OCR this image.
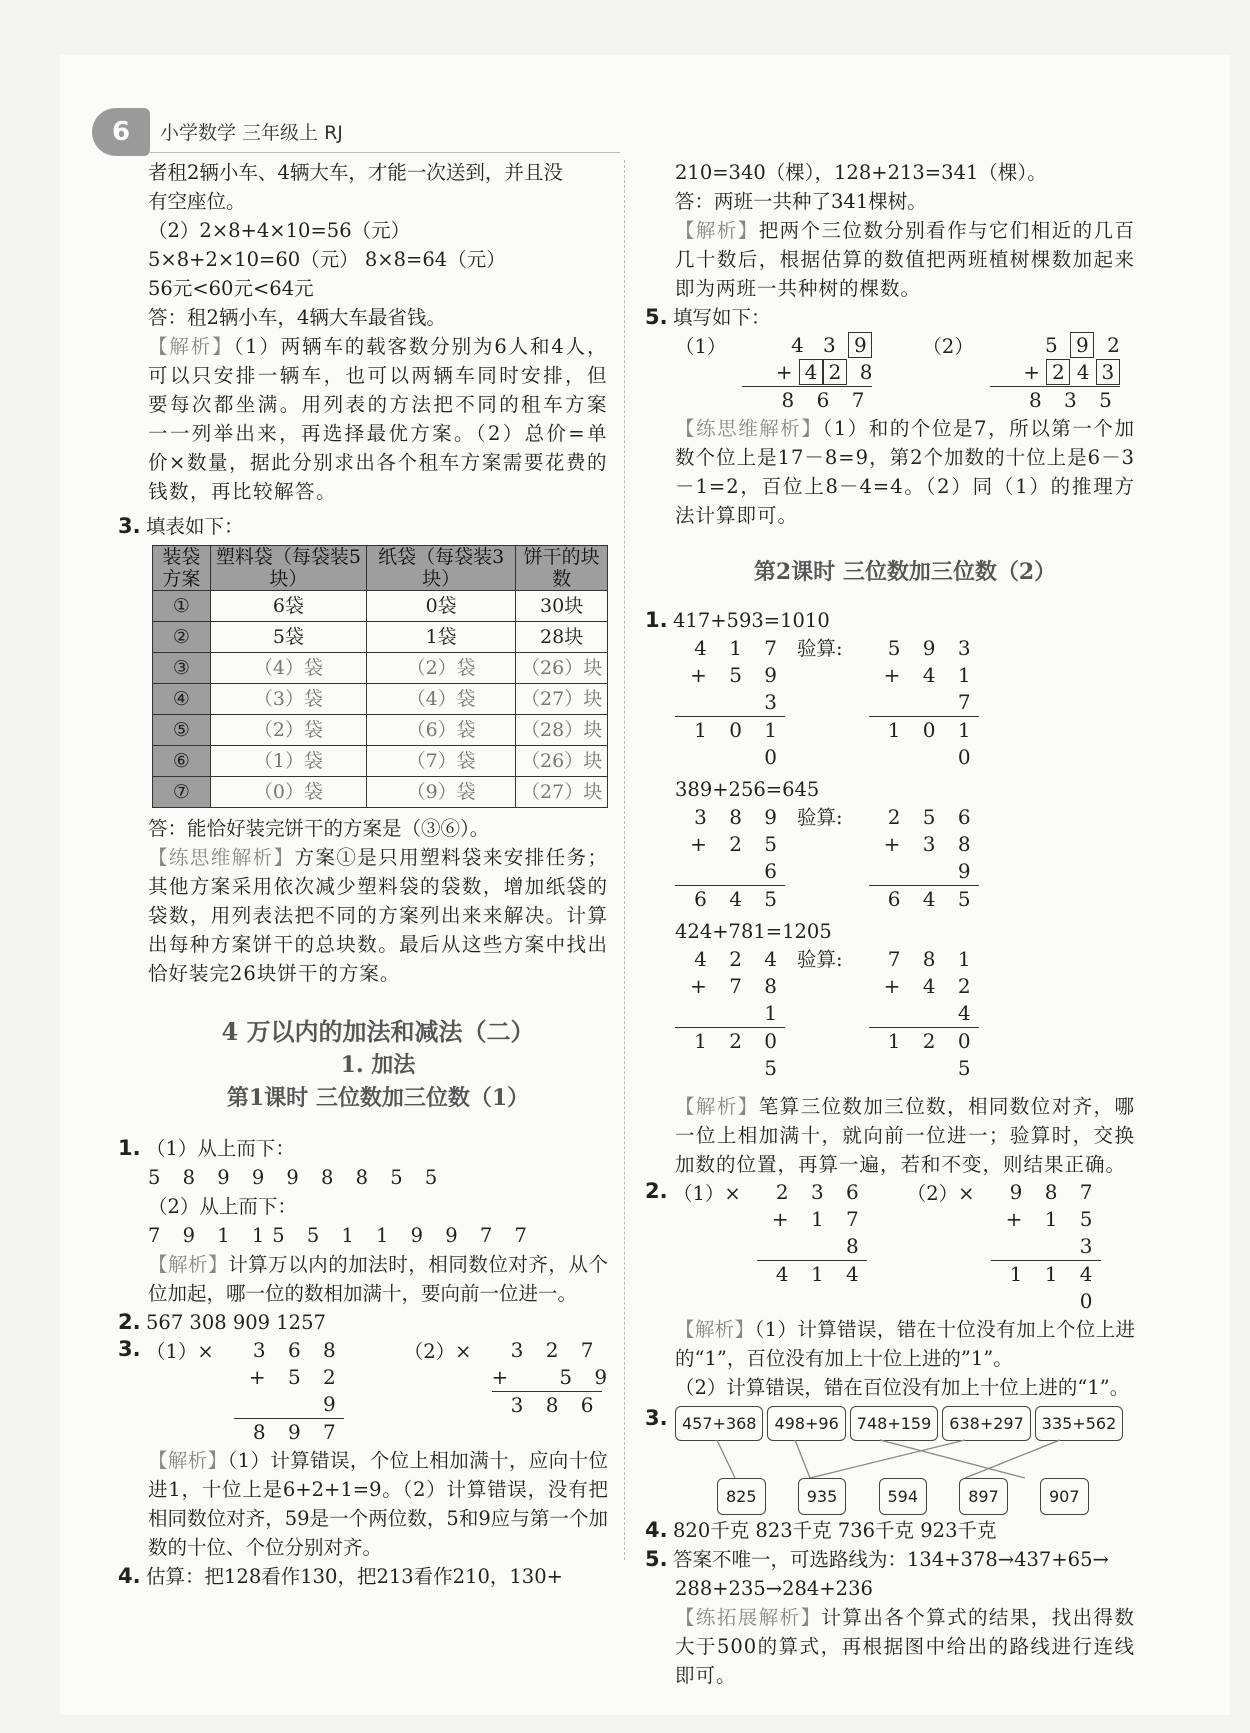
6 小学数学 三年级上 RJ

者租2辆小车、4辆大车，才能一次送到，并且没

有空座位。

（2）2×8+4×10=56（元）

5×8+2×10=60（元） 8×8=64（元）

56元<60元<64元

答：租2辆小车，4辆大车最省钱。

【解析】（1）两辆车的载客数分别为6人和4人，可以只安排一辆车，也可以两辆车同时安排，但要每次都坐满。用列表的方法把不同的租车方案一一列举出来，再选择最优方案。（2）总价=单价×数量，据此分别求出各个租车方案需要花费的钱数，再比较解答。

3. 填表如下：

装袋方案	塑料袋（每袋装5块）	纸袋（每袋装3块）	饼干的块数
①	6袋	0袋	30块
②	5袋	1袋	28块
③	（4）袋	（2）袋	（26）块
④	（3）袋	（4）袋	（27）块
⑤	（2）袋	（6）袋	（28）块
⑥	（1）袋	（7）袋	（26）块
⑦	（0）袋	（9）袋	（27）块

答：能恰好装完饼干的方案是（③⑥）。

【练思维解析】方案①是只用塑料袋来安排任务；其他方案采用依次减少塑料袋的袋数，增加纸袋的袋数，用列表法把不同的方案列出来来解决。计算出每种方案饼干的总块数。最后从这些方案中找出恰好装完26块饼干的方案。

4 万以内的加法和减法（二）

1. 加法

第1课时 三位数加三位数（1）

1. （1）从上而下：

5 8 9 9 9 8 8 5 5

（2）从上而下：

7 9 1 15 5 1 1 9 9 7 7

【解析】计算万以内的加法时，相同数位对齐，从个位加起，哪一位的数相加满十，要向前一位进一。

2. 567 308 909 1257

3. （1）×	3 6 8
+ 5 2 9
8 9 7
（2）×	3 2 7
+   5 9
3 8 6

【解析】（1）计算错误，个位上相加满十，应向十位进1，十位上是6+2+1=9。（2）计算错误，没有把相同数位对齐，59是一个两位数，5和9应与第一个加数的十位、个位分别对齐。

4. 估算：把128看作130，把213看作210，130+

210=340（棵），128+213=341（棵）。

答：两班一共种了341棵树。

【解析】把两个三位数分别看作与它们相近的几百几十数后，根据估算的数值把两班植树棵数加起来即为两班一共种树的棵数。

5. 填写如下：

（1）	4 3 9
+ 4 2 8
8 6 7
（2）	5 9 2
+ 2 4 3
8 3 5

【练思维解析】（1）和的个位是7，所以第一个加数个位上是17－8=9，第2个加数的十位上是6－3－1=2，百位上8－4=4。（2）同（1）的推理方法计算即可。

第2课时 三位数加三位数（2）

1. 417+593=1010

4 1 7
+ 5 9 3
1 0 1 0
验算:	5 9 3
+ 4 1 7
1 0 1 0

389+256=645

3 8 9
+ 2 5 6
6 4 5
验算:	2 5 6
+ 3 8 9
6 4 5

424+781=1205

4 2 4
+ 7 8 1
1 2 0 5
验算:	7 8 1
+ 4 2 4
1 2 0 5

【解析】笔算三位数加三位数，相同数位对齐，哪一位上相加满十，就向前一位进一；验算时，交换加数的位置，再算一遍，若和不变，则结果正确。

2. （1）×	2 3 6
+ 1 7 8
4 1 4
（2）×	9 8 7
+ 1 5 3
1 1 4 0

【解析】（1）计算错误，错在十位没有加上个位上进的“1”，百位没有加上十位上进的”1”。

（2）计算错误，错在百位没有加上十位上进的“1”。

3. 457+368 498+96 748+159 638+297 335+562
825	935	594	897	907

4. 820千克 823千克 736千克 923千克

5. 答案不唯一，可选路线为：134+378→437+65→

288+235→284+236

【练拓展解析】计算出各个算式的结果，找出得数大于500的算式，再根据图中给出的路线进行连线即可。
